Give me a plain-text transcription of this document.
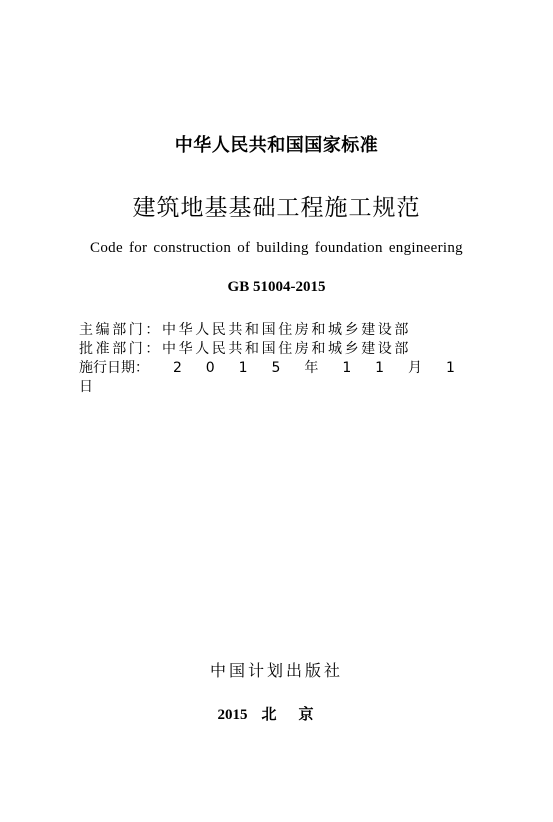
中华人民共和国国家标准
建筑地基基础工程施工规范
Code for construction of building foundation engineering
GB 51004-2015
主编部门：中华人民共和国住房和城乡建设部
批准部门：中华人民共和国住房和城乡建设部
施行日期： 2 0 1 5 年 1 1 月 1
日
中国计划出版社
2015 北京
